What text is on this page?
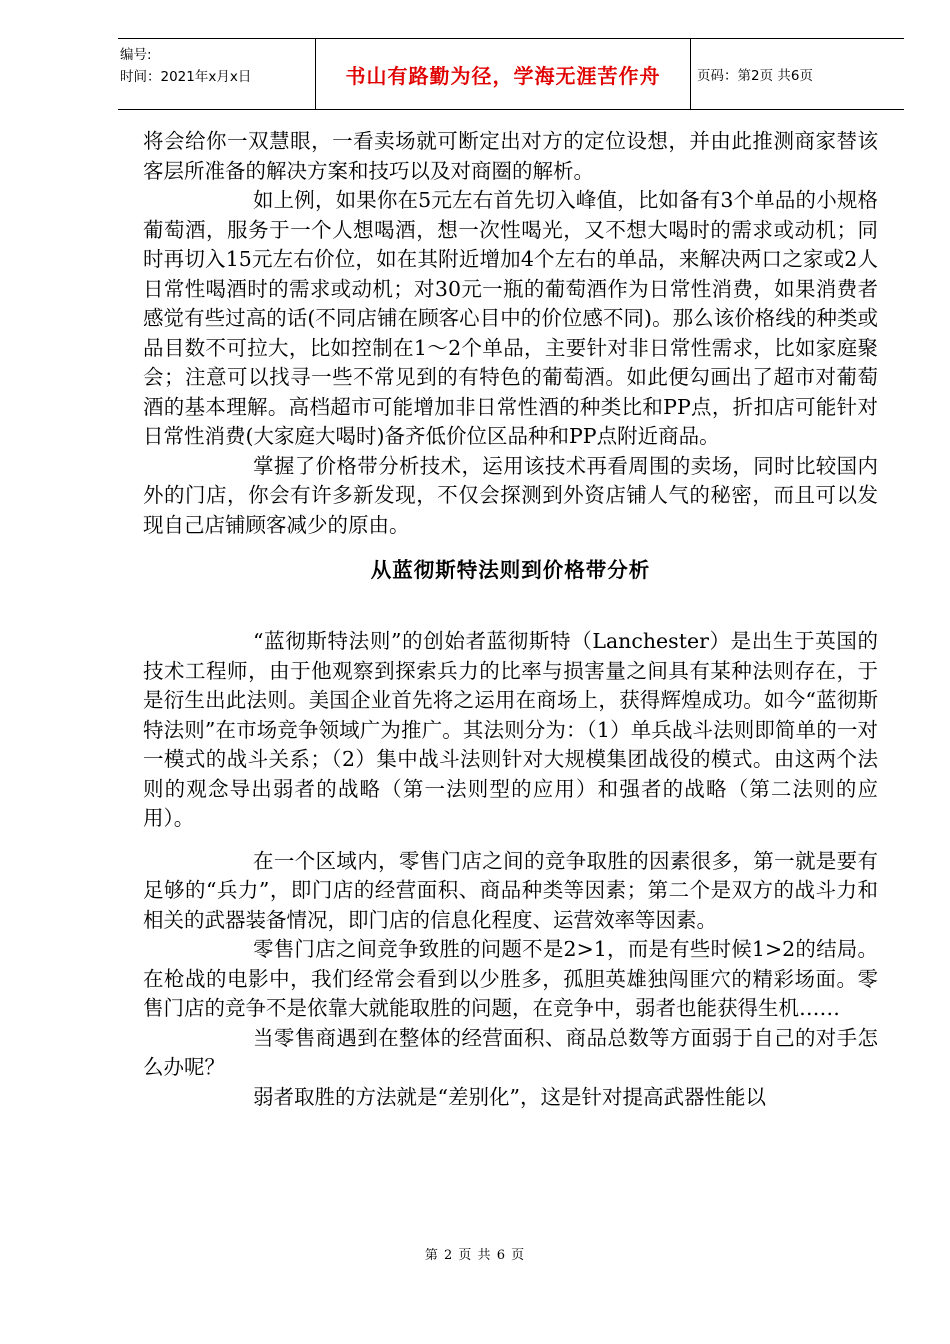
编号:
时间：2021年x月x日	书山有路勤为径，学海无涯苦作舟	页码：第2页 共6页

将会给你一双慧眼，一看卖场就可断定出对方的定位设想，并由此推测商家替该客层所准备的解决方案和技巧以及对商圈的解析。

如上例，如果你在5元左右首先切入峰值，比如备有3个单品的小规格葡萄酒，服务于一个人想喝酒，想一次性喝光，又不想大喝时的需求或动机；同时再切入15元左右价位，如在其附近增加4个左右的单品，来解决两口之家或2人日常性喝酒时的需求或动机；对30元一瓶的葡萄酒作为日常性消费，如果消费者感觉有些过高的话(不同店铺在顾客心目中的价位感不同)。那么该价格线的种类或品目数不可拉大，比如控制在1～2个单品，主要针对非日常性需求，比如家庭聚会；注意可以找寻一些不常见到的有特色的葡萄酒。如此便勾画出了超市对葡萄酒的基本理解。高档超市可能增加非日常性酒的种类比和PP点，折扣店可能针对日常性消费(大家庭大喝时)备齐低价位区品种和PP点附近商品。

掌握了价格带分析技术，运用该技术再看周围的卖场，同时比较国内外的门店，你会有许多新发现，不仅会探测到外资店铺人气的秘密，而且可以发现自己店铺顾客减少的原由。

从蓝彻斯特法则到价格带分析

“蓝彻斯特法则”的创始者蓝彻斯特（Lanchester）是出生于英国的技术工程师，由于他观察到探索兵力的比率与损害量之间具有某种法则存在，于是衍生出此法则。美国企业首先将之运用在商场上，获得辉煌成功。如今“蓝彻斯特法则”在市场竞争领域广为推广。其法则分为：（1）单兵战斗法则即简单的一对一模式的战斗关系；（2）集中战斗法则针对大规模集团战役的模式。由这两个法则的观念导出弱者的战略（第一法则型的应用）和强者的战略（第二法则的应用）。

在一个区域内，零售门店之间的竞争取胜的因素很多，第一就是要有足够的“兵力”，即门店的经营面积、商品种类等因素；第二个是双方的战斗力和相关的武器装备情况，即门店的信息化程度、运营效率等因素。

零售门店之间竞争致胜的问题不是2>1，而是有些时候1>2的结局。在枪战的电影中，我们经常会看到以少胜多，孤胆英雄独闯匪穴的精彩场面。零售门店的竞争不是依靠大就能取胜的问题，在竞争中，弱者也能获得生机……

当零售商遇到在整体的经营面积、商品总数等方面弱于自己的对手怎么办呢？

弱者取胜的方法就是“差别化”，这是针对提高武器性能以

第 2 页 共 6 页
